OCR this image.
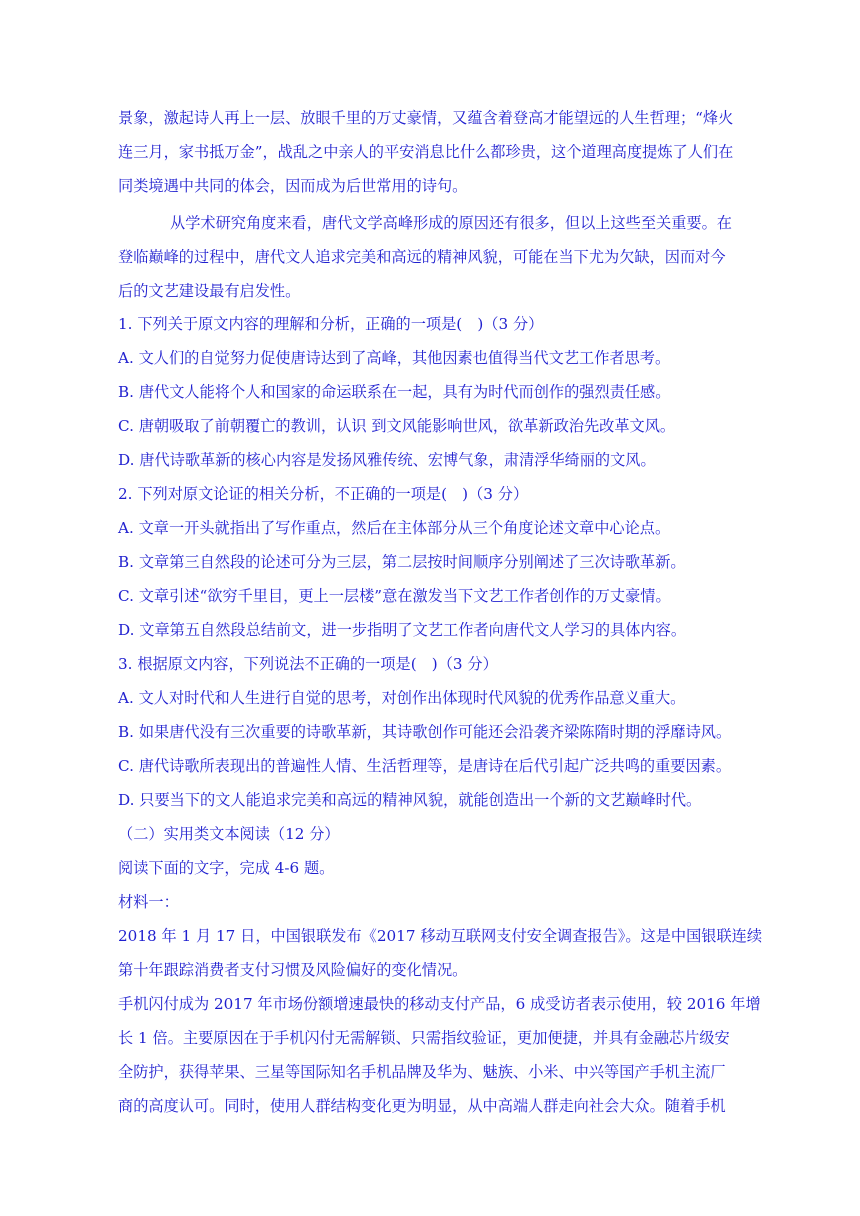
景象，激起诗人再上一层、放眼千里的万丈豪情，又蕴含着登高才能望远的人生哲理；“烽火
连三月，家书抵万金”，战乱之中亲人的平安消息比什么都珍贵，这个道理高度提炼了人们在
同类境遇中共同的体会，因而成为后世常用的诗句。
从学术研究角度来看，唐代文学高峰形成的原因还有很多，但以上这些至关重要。在
登临巅峰的过程中，唐代文人追求完美和高远的精神风貌，可能在当下尤为欠缺，因而对今
后的文艺建设最有启发性。
1. 下列关于原文内容的理解和分析，正确的一项是(　)（3 分）
A. 文人们的自觉努力促使唐诗达到了高峰，其他因素也值得当代文艺工作者思考。
B. 唐代文人能将个人和国家的命运联系在一起，具有为时代而创作的强烈责任感。
C. 唐朝吸取了前朝覆亡的教训，认识 到文风能影响世风，欲革新政治先改革文风。
D. 唐代诗歌革新的核心内容是发扬风雅传统、宏博气象，肃清浮华绮丽的文风。
2. 下列对原文论证的相关分析，不正确的一项是(　)（3 分）
A. 文章一开头就指出了写作重点，然后在主体部分从三个角度论述文章中心论点。
B. 文章第三自然段的论述可分为三层，第二层按时间顺序分别阐述了三次诗歌革新。
C. 文章引述“欲穷千里目，更上一层楼”意在激发当下文艺工作者创作的万丈豪情。
D. 文章第五自然段总结前文，进一步指明了文艺工作者向唐代文人学习的具体内容。
3. 根据原文内容，下列说法不正确的一项是(　)（3 分）
A. 文人对时代和人生进行自觉的思考，对创作出体现时代风貌的优秀作品意义重大。
B. 如果唐代没有三次重要的诗歌革新，其诗歌创作可能还会沿袭齐梁陈隋时期的浮靡诗风。
C. 唐代诗歌所表现出的普遍性人情、生活哲理等，是唐诗在后代引起广泛共鸣的重要因素。
D. 只要当下的文人能追求完美和高远的精神风貌，就能创造出一个新的文艺巅峰时代。
（二）实用类文本阅读（12 分）
阅读下面的文字，完成 4-6 题。
材料一：
2018 年 1 月 17 日，中国银联发布《2017 移动互联网支付安全调查报告》。这是中国银联连续
第十年跟踪消费者支付习惯及风险偏好的变化情况。
手机闪付成为 2017 年市场份额增速最快的移动支付产品，6 成受访者表示使用，较 2016 年增
长 1 倍。主要原因在于手机闪付无需解锁、只需指纹验证，更加便捷，并具有金融芯片级安
全防护，获得苹果、三星等国际知名手机品牌及华为、魅族、小米、中兴等国产手机主流厂
商的高度认可。同时，使用人群结构变化更为明显，从中高端人群走向社会大众。随着手机
